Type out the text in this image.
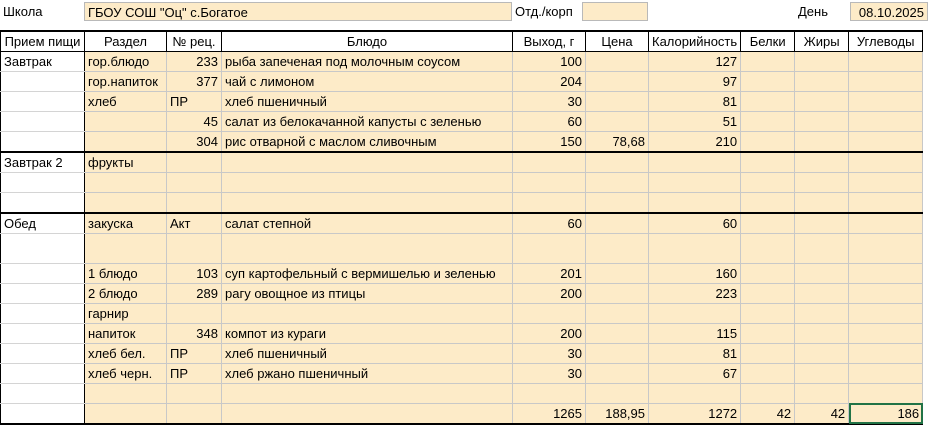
Школа	ГБОУ СОШ "Оц" с.Богатое	Отд./корп	День	08.10.2025
Прием пищи	Раздел	№ рец.	Блюдо	Выход, г	Цена	Калорийность	Белки	Жиры	Углеводы
Завтрак	гор.блюдо	233	рыба запеченая под молочным соусом	100		127			
	гор.напиток	377	чай с лимоном	204		97			
	хлеб	ПР	хлеб пшеничный	30		81			
		45	салат из белокачанной капусты с зеленью	60		51			
		304	рис отварной с маслом сливочным	150	78,68	210			
Завтрак 2	фрукты								

Обед	закуска	Акт	салат степной	60		60			

	1 блюдо	103	суп картофельный с вермишелью и зеленью	201		160			
	2 блюдо	289	рагу овощное из птицы	200		223			
	гарнир								
	напиток	348	компот из кураги	200		115			
	хлеб бел.	ПР	хлеб пшеничный	30		81			
	хлеб черн.	ПР	хлеб ржано пшеничный	30		67			

				1265	188,95	1272	42	42	186
